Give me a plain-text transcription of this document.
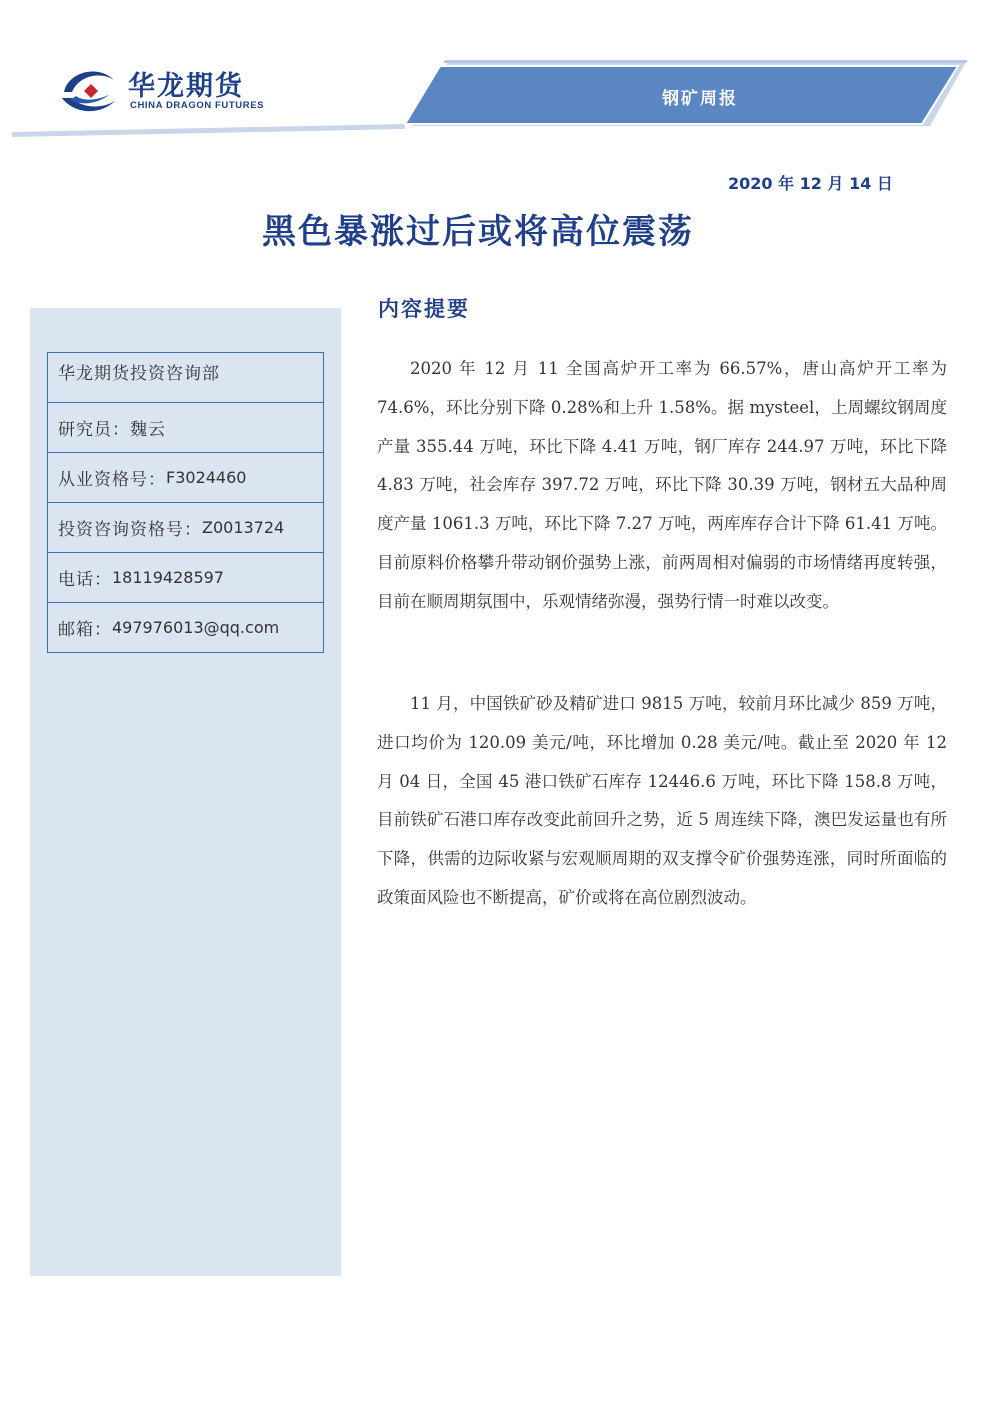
华龙期货
CHINA DRAGON FUTURES	钢矿周报
2020 年 12 月 14 日
黑色暴涨过后或将高位震荡
华龙期货投资咨询部
研究员：魏云
从业资格号： F3024460
投资咨询资格号： Z0013724
电话： 18119428597
邮箱： 497976013@qq.com
内容提要

2020 年 12 月 11 全国高炉开工率为 66.57%，唐山高炉开工率为 74.6%，环比分别下降 0.28%和上升 1.58%。据 mysteel，上周螺纹钢周度产量 355.44 万吨，环比下降 4.41 万吨，钢厂库存 244.97 万吨，环比下降 4.83 万吨，社会库存 397.72 万吨，环比下降 30.39 万吨，钢材五大品种周度产量 1061.3 万吨，环比下降 7.27 万吨，两库库存合计下降 61.41 万吨。目前原料价格攀升带动钢价强势上涨，前两周相对偏弱的市场情绪再度转强，目前在顺周期氛围中，乐观情绪弥漫，强势行情一时难以改变。

11 月，中国铁矿砂及精矿进口 9815 万吨，较前月环比减少 859 万吨，进口均价为 120.09 美元/吨，环比增加 0.28 美元/吨。截止至 2020 年 12 月 04 日，全国 45 港口铁矿石库存 12446.6 万吨，环比下降 158.8 万吨，目前铁矿石港口库存改变此前回升之势，近 5 周连续下降，澳巴发运量也有所下降，供需的边际收紧与宏观顺周期的双支撑令矿价强势连涨，同时所面临的政策面风险也不断提高，矿价或将在高位剧烈波动。
